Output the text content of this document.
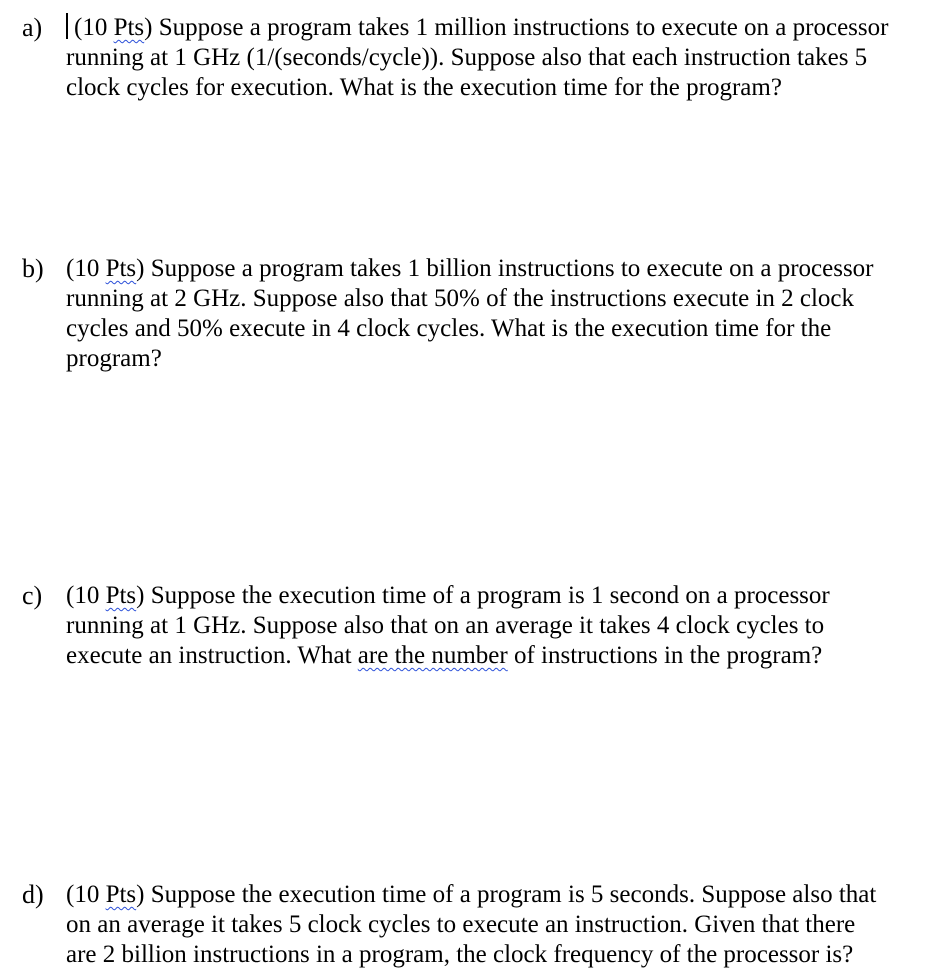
a)	(10 Pts) Suppose a program takes 1 million instructions to execute on a processor
running at 1 GHz (1/(seconds/cycle)). Suppose also that each instruction takes 5
clock cycles for execution. What is the execution time for the program?
b) (10 Pts) Suppose a program takes 1 billion instructions to execute on a processor
running at 2 GHz. Suppose also that 50% of the instructions execute in 2 clock
cycles and 50% execute in 4 clock cycles. What is the execution time for the
program?
c) (10 Pts) Suppose the execution time of a program is 1 second on a processor
running at 1 GHz. Suppose also that on an average it takes 4 clock cycles to
execute an instruction. What are the number of instructions in the program?
d) (10 Pts) Suppose the execution time of a program is 5 seconds. Suppose also that
on an average it takes 5 clock cycles to execute an instruction. Given that there
are 2 billion instructions in a program, the clock frequency of the processor is?
